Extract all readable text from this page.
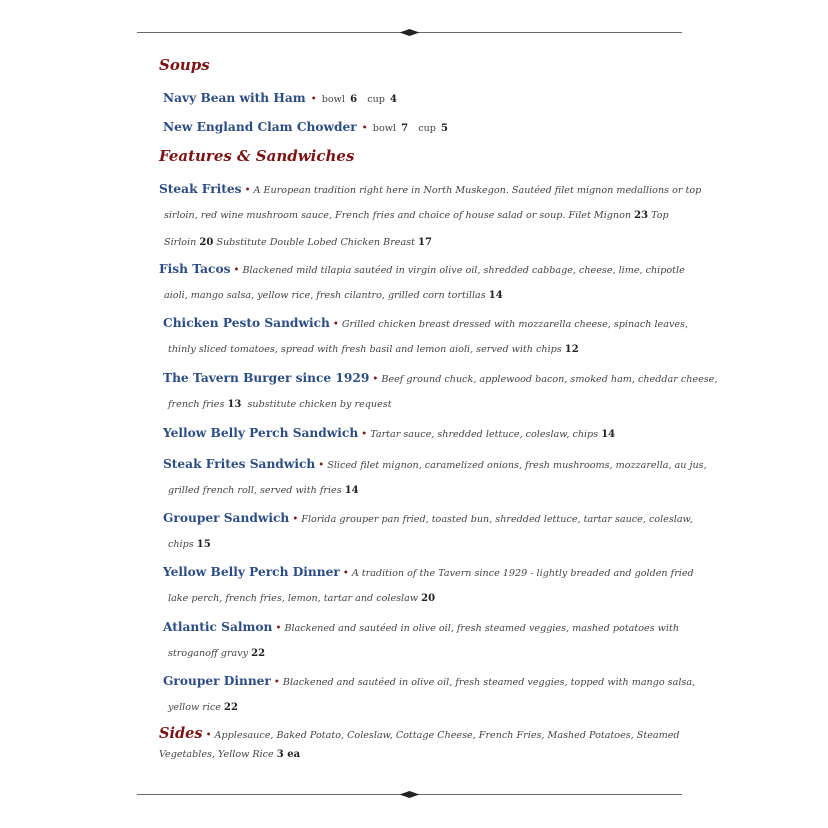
Soups
Navy Bean with Ham • bowl 6 cup 4
New England Clam Chowder • bowl 7 cup 5
Features & Sandwiches
Steak Frites • A European tradition right here in North Muskegon. Sautéed filet mignon medallions or top
sirloin, red wine mushroom sauce, French fries and choice of house salad or soup. Filet Mignon 23 Top
Sirloin 20 Substitute Double Lobed Chicken Breast 17
Fish Tacos • Blackened mild tilapia sautéed in virgin olive oil, shredded cabbage, cheese, lime, chipotle
aioli, mango salsa, yellow rice, fresh cilantro, grilled corn tortillas 14
Chicken Pesto Sandwich • Grilled chicken breast dressed with mozzarella cheese, spinach leaves,
thinly sliced tomatoes, spread with fresh basil and lemon aioli, served with chips 12
The Tavern Burger since 1929 • Beef ground chuck, applewood bacon, smoked ham, cheddar cheese,
french fries 13 substitute chicken by request
Yellow Belly Perch Sandwich • Tartar sauce, shredded lettuce, coleslaw, chips 14
Steak Frites Sandwich • Sliced filet mignon, caramelized onions, fresh mushrooms, mozzarella, au jus,
grilled french roll, served with fries 14
Grouper Sandwich • Florida grouper pan fried, toasted bun, shredded lettuce, tartar sauce, coleslaw,
chips 15
Yellow Belly Perch Dinner • A tradition of the Tavern since 1929 - lightly breaded and golden fried
lake perch, french fries, lemon, tartar and coleslaw 20
Atlantic Salmon • Blackened and sautéed in olive oil, fresh steamed veggies, mashed potatoes with
stroganoff gravy 22
Grouper Dinner • Blackened and sautéed in olive oil, fresh steamed veggies, topped with mango salsa,
yellow rice 22
Sides • Applesauce, Baked Potato, Coleslaw, Cottage Cheese, French Fries, Mashed Potatoes, Steamed
Vegetables, Yellow Rice 3 ea
